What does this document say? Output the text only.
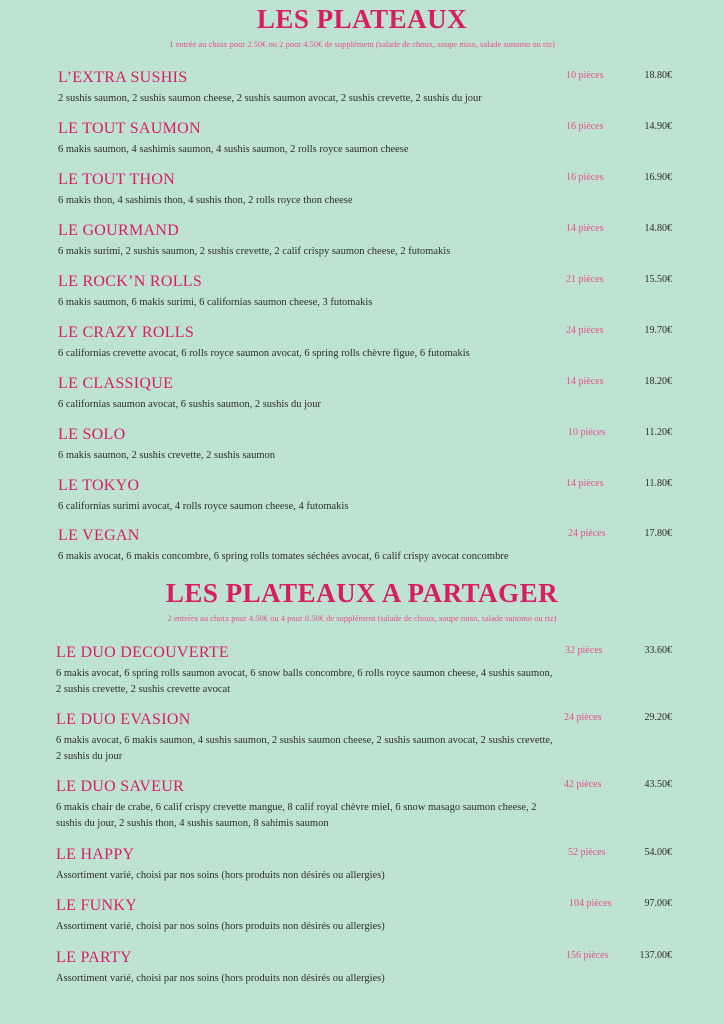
LES PLATEAUX
1 entrée au choix pour 2.50€ ou 2 pour 4.50€ de supplément (salade de choux, soupe miso, salade sunomo ou riz)
L’EXTRA SUSHIS	10 pièces	18.80€
2 sushis saumon, 2 sushis saumon cheese, 2 sushis saumon avocat, 2 sushis crevette, 2 sushis du jour
LE TOUT SAUMON	16 pièces	14.90€
6 makis saumon, 4 sashimis saumon, 4 sushis saumon, 2 rolls royce saumon cheese
LE TOUT THON	16 pièces	16.90€
6 makis thon, 4 sashimis thon, 4 sushis thon, 2 rolls royce thon cheese
LE GOURMAND	14 pièces	14.80€
6 makis surimi, 2 sushis saumon, 2 sushis crevette, 2 calif crispy saumon cheese, 2 futomakis
LE ROCK’N ROLLS	21 pièces	15.50€
6 makis saumon, 6 makis surimi, 6 californias saumon cheese, 3 futomakis
LE CRAZY ROLLS	24 pièces	19.70€
6 californias crevette avocat, 6 rolls royce saumon avocat, 6 spring rolls chèvre figue, 6 futomakis
LE CLASSIQUE	14 pièces	18.20€
6 californias saumon avocat, 6 sushis saumon, 2 sushis du jour
LE SOLO	10 pièces	11.20€
6 makis saumon, 2 sushis crevette, 2 sushis saumon
LE TOKYO	14 pièces	11.80€
6 californias surimi avocat, 4 rolls royce saumon cheese, 4 futomakis
LE VEGAN	24 pièces	17.80€
6 makis avocat, 6 makis concombre, 6 spring rolls tomates séchées avocat, 6 calif crispy avocat concombre
LES PLATEAUX A PARTAGER
2 entrées au choix pour 4.50€ ou 4 pour 8.50€ de supplément (salade de choux, soupe miso, salade sunomo ou riz)
LE DUO DECOUVERTE	32 pièces	33.60€
6 makis avocat, 6 spring rolls saumon avocat, 6 snow balls concombre, 6 rolls royce saumon cheese, 4 sushis saumon, 2 sushis crevette, 2 sushis crevette avocat
LE DUO EVASION	24 pièces	29.20€
6 makis avocat, 6 makis saumon, 4 sushis saumon, 2 sushis saumon cheese, 2 sushis saumon avocat, 2 sushis crevette, 2 sushis du jour
LE DUO SAVEUR	42 pièces	43.50€
6 makis chair de crabe, 6 calif crispy crevette mangue, 8 calif royal chèvre miel, 6 snow masago saumon cheese, 2 sushis du jour, 2 sushis thon, 4 sushis saumon, 8 sahimis saumon
LE HAPPY	52 pièces	54.00€
Assortiment varié, choisi par nos soins (hors produits non désirés ou allergies)
LE FUNKY	104 pièces	97.00€
Assortiment varié, choisi par nos soins (hors produits non désirés ou allergies)
LE PARTY	156 pièces	137.00€
Assortiment varié, choisi par nos soins (hors produits non désirés ou allergies)
